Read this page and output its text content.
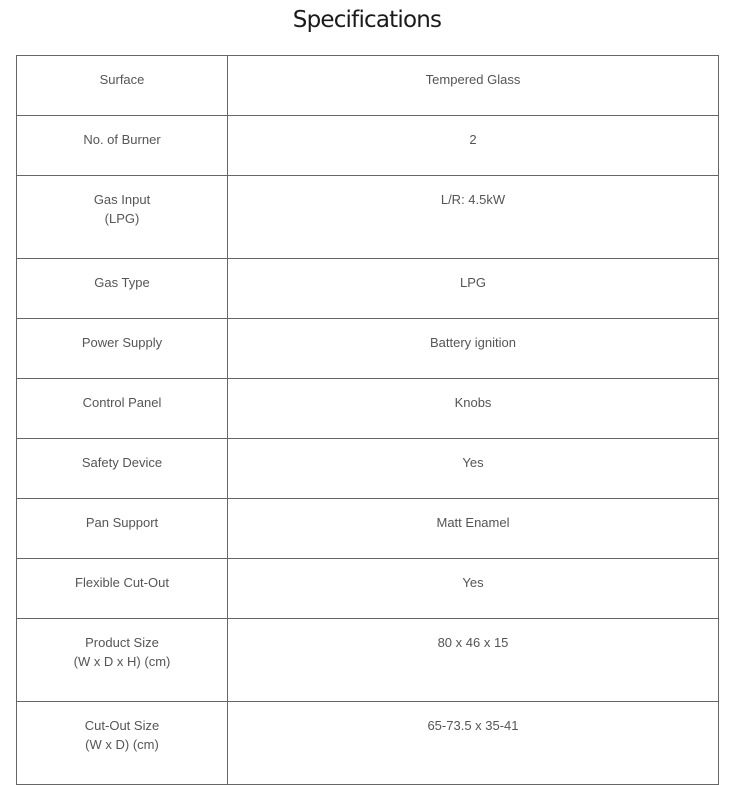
Specifications
Surface	Tempered Glass

No. of Burner	2

Gas Input
(LPG)	L/R: 4.5kW

Gas Type	LPG

Power Supply	Battery ignition

Control Panel	Knobs

Safety Device	Yes

Pan Support	Matt Enamel

Flexible Cut-Out	Yes

Product Size
(W x D x H) (cm)	80 x 46 x 15

Cut-Out Size
(W x D) (cm)	65-73.5 x 35-41
